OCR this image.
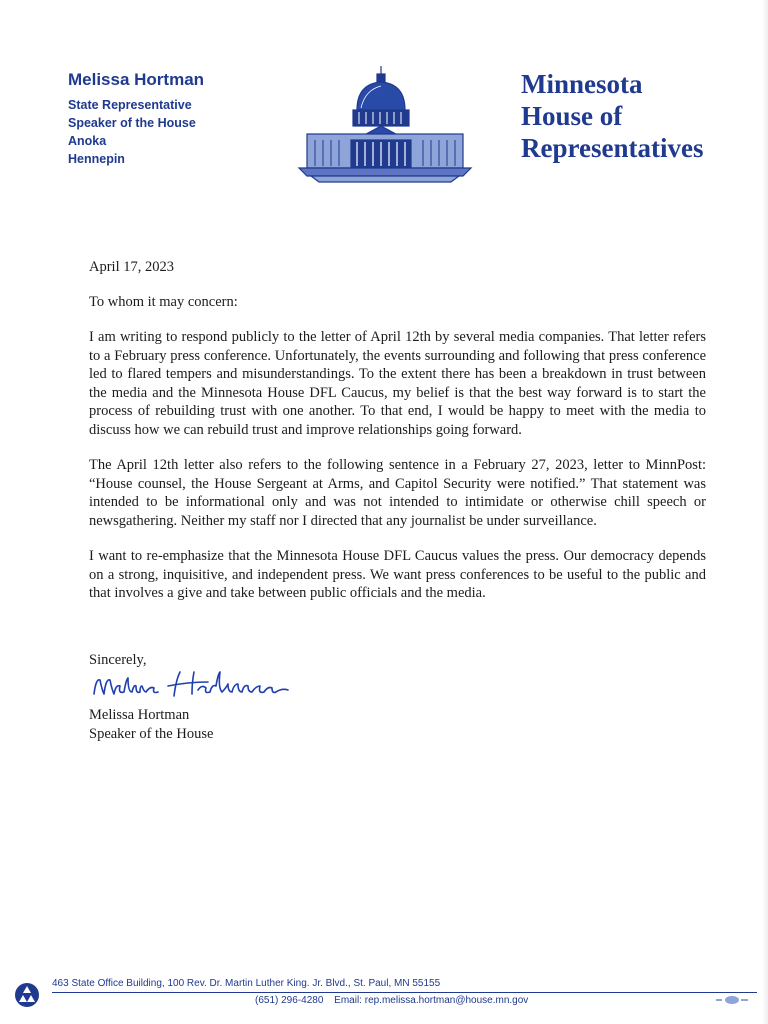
Melissa Hortman
State Representative
Speaker of the House
Anoka
Hennepin
Minnesota
House of
Representatives

April 17, 2023

To whom it may concern:

I am writing to respond publicly to the letter of April 12th by several media companies. That letter refers to a February press conference. Unfortunately, the events surrounding and following that press conference led to flared tempers and misunderstandings. To the extent there has been a breakdown in trust between the media and the Minnesota House DFL Caucus, my belief is that the best way forward is to start the process of rebuilding trust with one another. To that end, I would be happy to meet with the media to discuss how we can rebuild trust and improve relationships going forward.

The April 12th letter also refers to the following sentence in a February 27, 2023, letter to MinnPost: “House counsel, the House Sergeant at Arms, and Capitol Security were notified.” That statement was intended to be informational only and was not intended to intimidate or otherwise chill speech or newsgathering. Neither my staff nor I directed that any journalist be under surveillance.

I want to re-emphasize that the Minnesota House DFL Caucus values the press. Our democracy depends on a strong, inquisitive, and independent press. We want press conferences to be useful to the public and that involves a give and take between public officials and the media.

Sincerely,
Melissa Hortman
Speaker of the House
463 State Office Building, 100 Rev. Dr. Martin Luther King. Jr. Blvd., St. Paul, MN 55155
(651) 296-4280 Email: rep.melissa.hortman@house.mn.gov
